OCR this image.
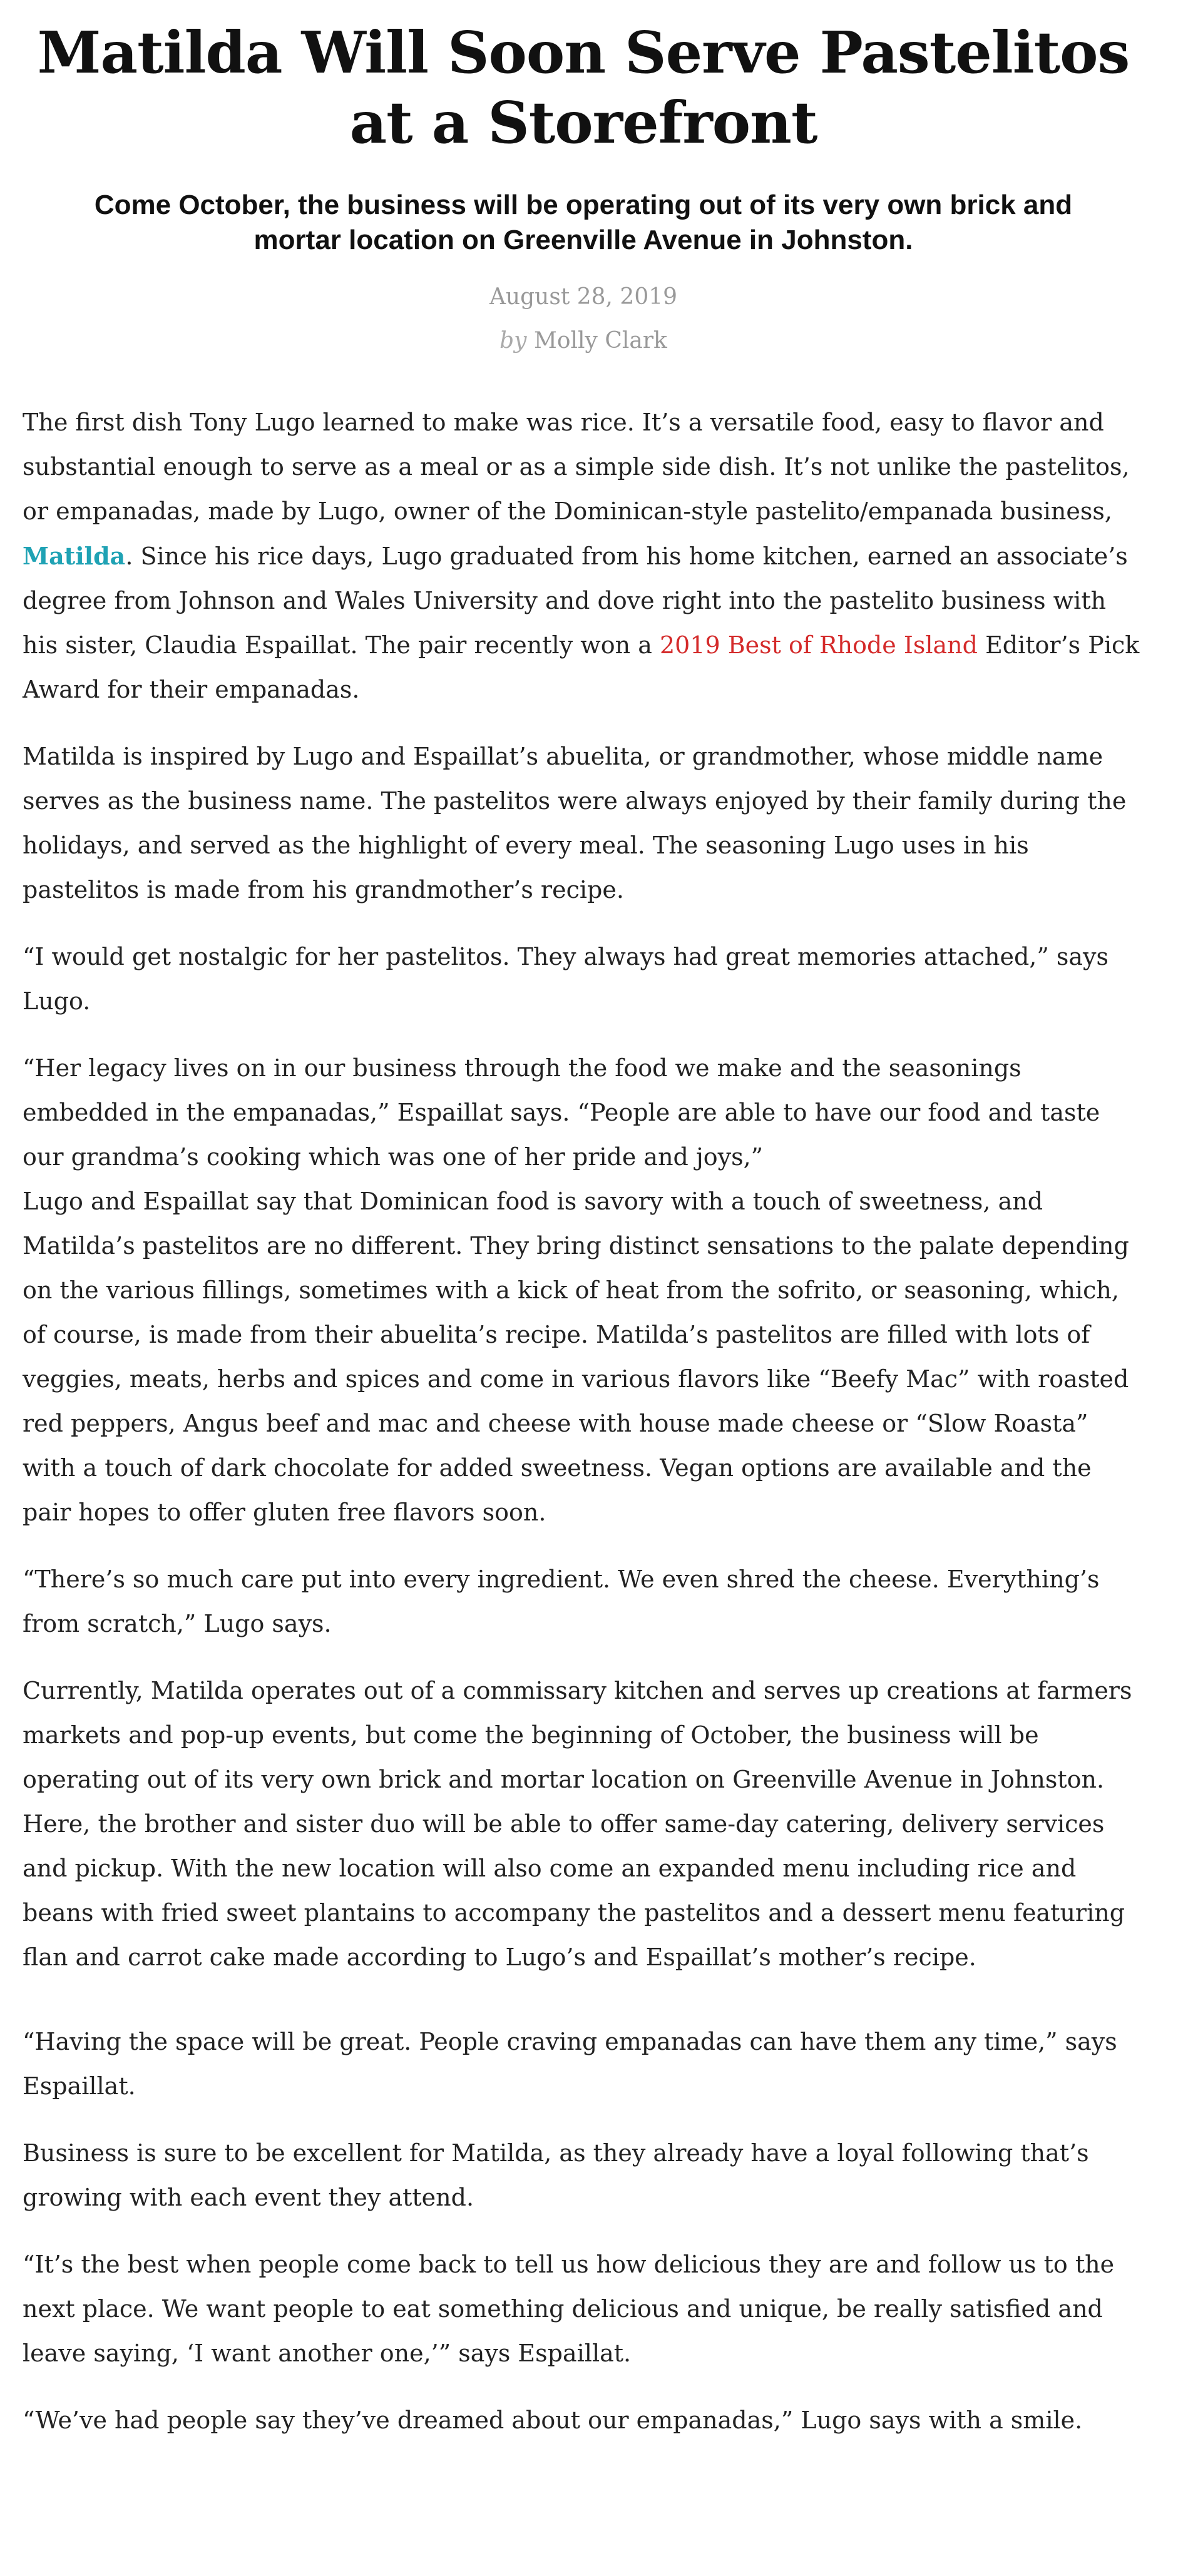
Matilda Will Soon Serve Pastelitos at a Storefront
Come October, the business will be operating out of its very own brick and mortar location on Greenville Avenue in Johnston.
August 28, 2019
by Molly Clark

The first dish Tony Lugo learned to make was rice. It’s a versatile food, easy to flavor and substantial enough to serve as a meal or as a simple side dish. It’s not unlike the pastelitos, or empanadas, made by Lugo, owner of the Dominican-style pastelito/empanada business, Matilda. Since his rice days, Lugo graduated from his home kitchen, earned an associate’s degree from Johnson and Wales University and dove right into the pastelito business with his sister, Claudia Espaillat. The pair recently won a 2019 Best of Rhode Island Editor’s Pick Award for their empanadas.

Matilda is inspired by Lugo and Espaillat’s abuelita, or grandmother, whose middle name serves as the business name. The pastelitos were always enjoyed by their family during the holidays, and served as the highlight of every meal. The seasoning Lugo uses in his pastelitos is made from his grandmother’s recipe.

“I would get nostalgic for her pastelitos. They always had great memories attached,” says Lugo.

“Her legacy lives on in our business through the food we make and the seasonings embedded in the empanadas,” Espaillat says. “People are able to have our food and taste our grandma’s cooking which was one of her pride and joys,”

Lugo and Espaillat say that Dominican food is savory with a touch of sweetness, and Matilda’s pastelitos are no different. They bring distinct sensations to the palate depending on the various fillings, sometimes with a kick of heat from the sofrito, or seasoning, which, of course, is made from their abuelita’s recipe. Matilda’s pastelitos are filled with lots of veggies, meats, herbs and spices and come in various flavors like “Beefy Mac” with roasted red peppers, Angus beef and mac and cheese with house made cheese or “Slow Roasta” with a touch of dark chocolate for added sweetness. Vegan options are available and the pair hopes to offer gluten free flavors soon.

“There’s so much care put into every ingredient. We even shred the cheese. Everything’s from scratch,” Lugo says.

Currently, Matilda operates out of a commissary kitchen and serves up creations at farmers markets and pop-up events, but come the beginning of October, the business will be operating out of its very own brick and mortar location on Greenville Avenue in Johnston. Here, the brother and sister duo will be able to offer same-day catering, delivery services and pickup. With the new location will also come an expanded menu including rice and beans with fried sweet plantains to accompany the pastelitos and a dessert menu featuring flan and carrot cake made according to Lugo’s and Espaillat’s mother’s recipe.

“Having the space will be great. People craving empanadas can have them any time,” says Espaillat.

Business is sure to be excellent for Matilda, as they already have a loyal following that’s growing with each event they attend.

“It’s the best when people come back to tell us how delicious they are and follow us to the next place. We want people to eat something delicious and unique, be really satisfied and leave saying, ‘I want another one,’” says Espaillat.

“We’ve had people say they’ve dreamed about our empanadas,” Lugo says with a smile.
